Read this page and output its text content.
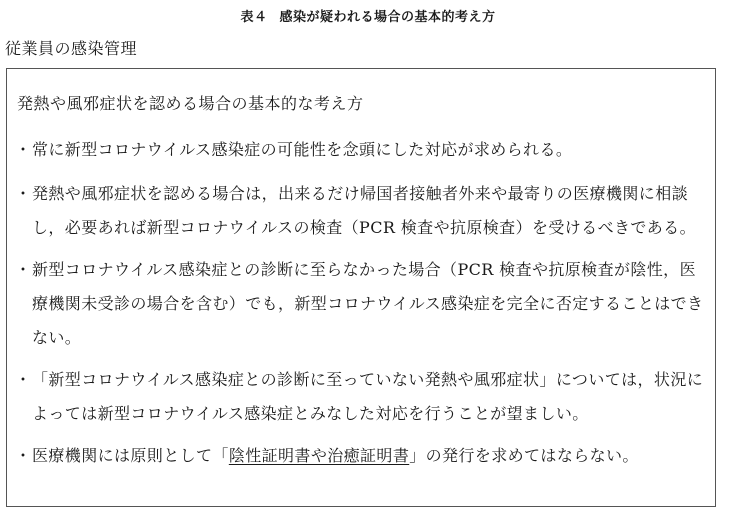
表４ 感染が疑われる場合の基本的考え方
従業員の感染管理
発熱や風邪症状を認める場合の基本的な考え方
・ 常に新型コロナウイルス感染症の可能性を念頭にした対応が求められる。
・ 発熱や風邪症状を認める場合は，出来るだけ帰国者接触者外来や最寄りの医療機関に相談し，必要あれば新型コロナウイルスの検査（PCR 検査や抗原検査）を受けるべきである。
・ 新型コロナウイルス感染症との診断に至らなかった場合（PCR 検査や抗原検査が陰性，医療機関未受診の場合を含む）でも，新型コロナウイルス感染症を完全に否定することはできない。
・ 「新型コロナウイルス感染症との診断に至っていない発熱や風邪症状」については，状況によっては新型コロナウイルス感染症とみなした対応を行うことが望ましい。
・ 医療機関には原則として「陰性証明書や治癒証明書」の発行を求めてはならない。
